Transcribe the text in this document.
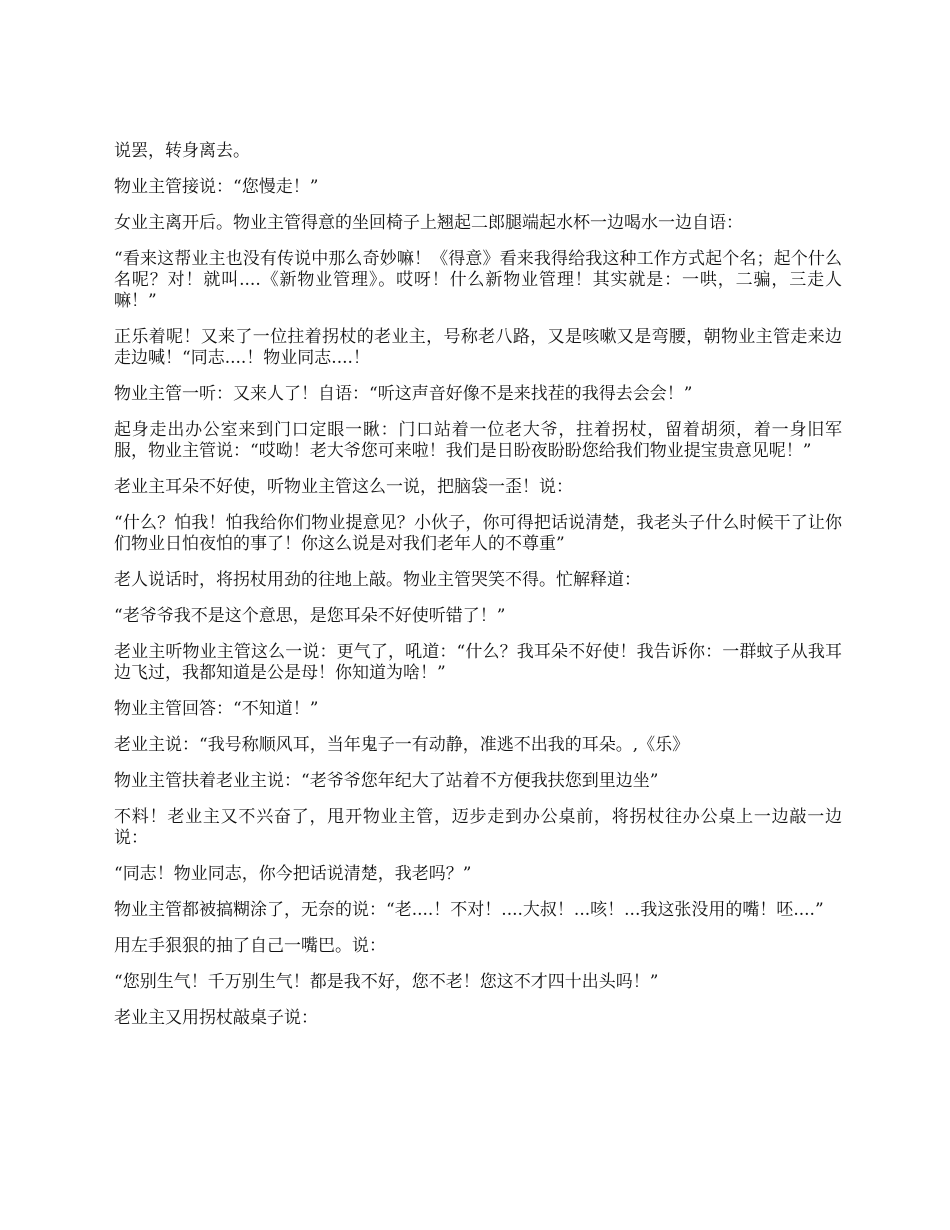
说罢，转身离去。

物业主管接说：“您慢走！”

女业主离开后。物业主管得意的坐回椅子上翘起二郎腿端起水杯一边喝水一边自语：

“看来这帮业主也没有传说中那么奇妙嘛！《得意》看来我得给我这种工作方式起个名；起个什么名呢？对！就叫....《新物业管理》。哎呀！什么新物业管理！其实就是：一哄，二骗，三走人嘛！”

正乐着呢！又来了一位拄着拐杖的老业主，号称老八路，又是咳嗽又是弯腰，朝物业主管走来边走边喊！“同志....！物业同志....！

物业主管一听：又来人了！自语：“听这声音好像不是来找茬的我得去会会！”

起身走出办公室来到门口定眼一瞅：门口站着一位老大爷，拄着拐杖，留着胡须，着一身旧军服，物业主管说：“哎呦！老大爷您可来啦！我们是日盼夜盼盼您给我们物业提宝贵意见呢！”

老业主耳朵不好使，听物业主管这么一说，把脑袋一歪！说：

“什么？怕我！怕我给你们物业提意见？小伙子，你可得把话说清楚，我老头子什么时候干了让你们物业日怕夜怕的事了！你这么说是对我们老年人的不尊重”

老人说话时，将拐杖用劲的往地上敲。物业主管哭笑不得。忙解释道：

“老爷爷我不是这个意思，是您耳朵不好使听错了！”

老业主听物业主管这么一说：更气了，吼道：“什么？我耳朵不好使！我告诉你：一群蚊子从我耳边飞过，我都知道是公是母！你知道为啥！”

物业主管回答：“不知道！”

老业主说：“我号称顺风耳，当年鬼子一有动静，准逃不出我的耳朵。,《乐》

物业主管扶着老业主说：“老爷爷您年纪大了站着不方便我扶您到里边坐”

不料！老业主又不兴奋了，甩开物业主管，迈步走到办公桌前，将拐杖往办公桌上一边敲一边说：

“同志！物业同志，你今把话说清楚，我老吗？”

物业主管都被搞糊涂了，无奈的说：“老....！不对！....大叔！...咳！...我这张没用的嘴！呸....”

用左手狠狠的抽了自己一嘴巴。说：

“您别生气！千万别生气！都是我不好，您不老！您这不才四十出头吗！”

老业主又用拐杖敲桌子说：
